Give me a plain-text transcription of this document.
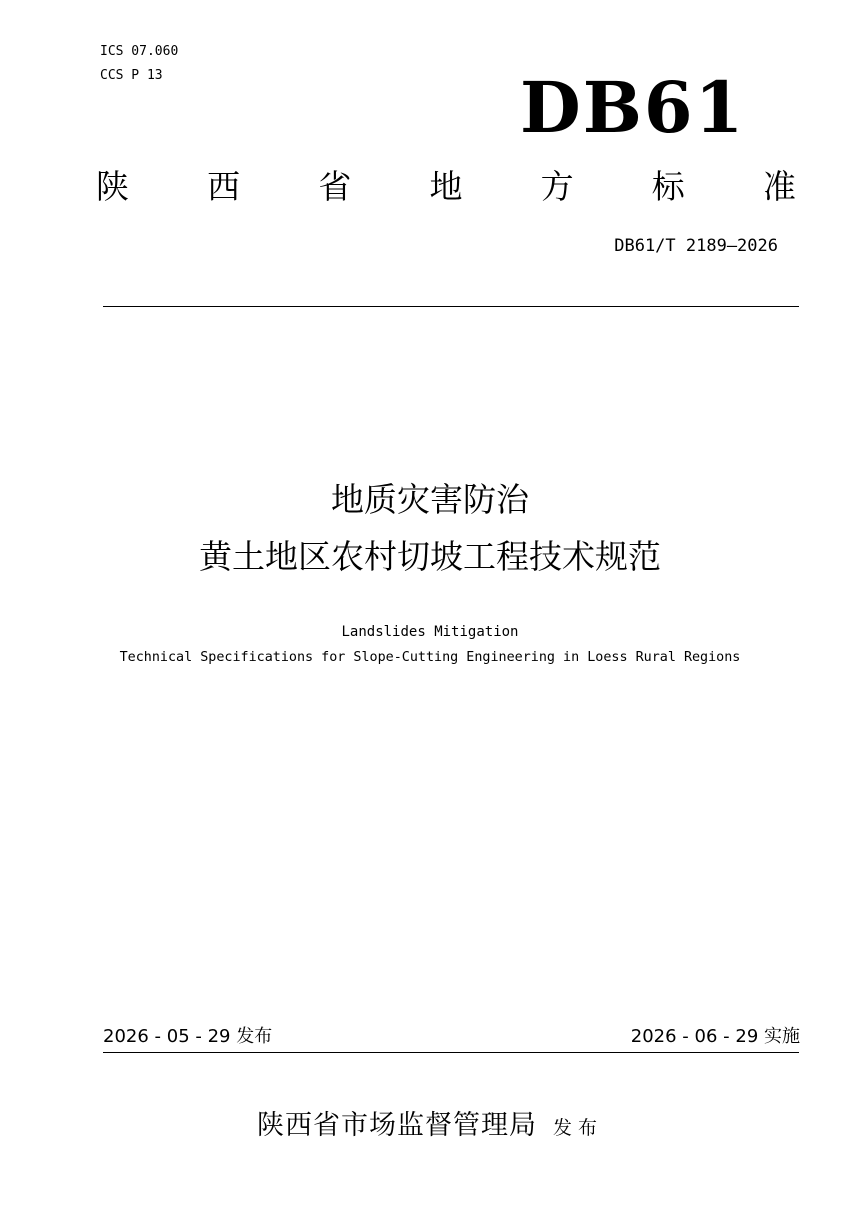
ICS 07.060
CCS P 13	DB61
陕 西 省 地 方 标 准
DB61/T 2189—2026
地质灾害防治
黄土地区农村切坡工程技术规范
Landslides Mitigation
Technical Specifications for Slope-Cutting Engineering in Loess Rural Regions
2026 - 05 - 29 发布	2026 - 06 - 29 实施
陕西省市场监督管理局 发布
